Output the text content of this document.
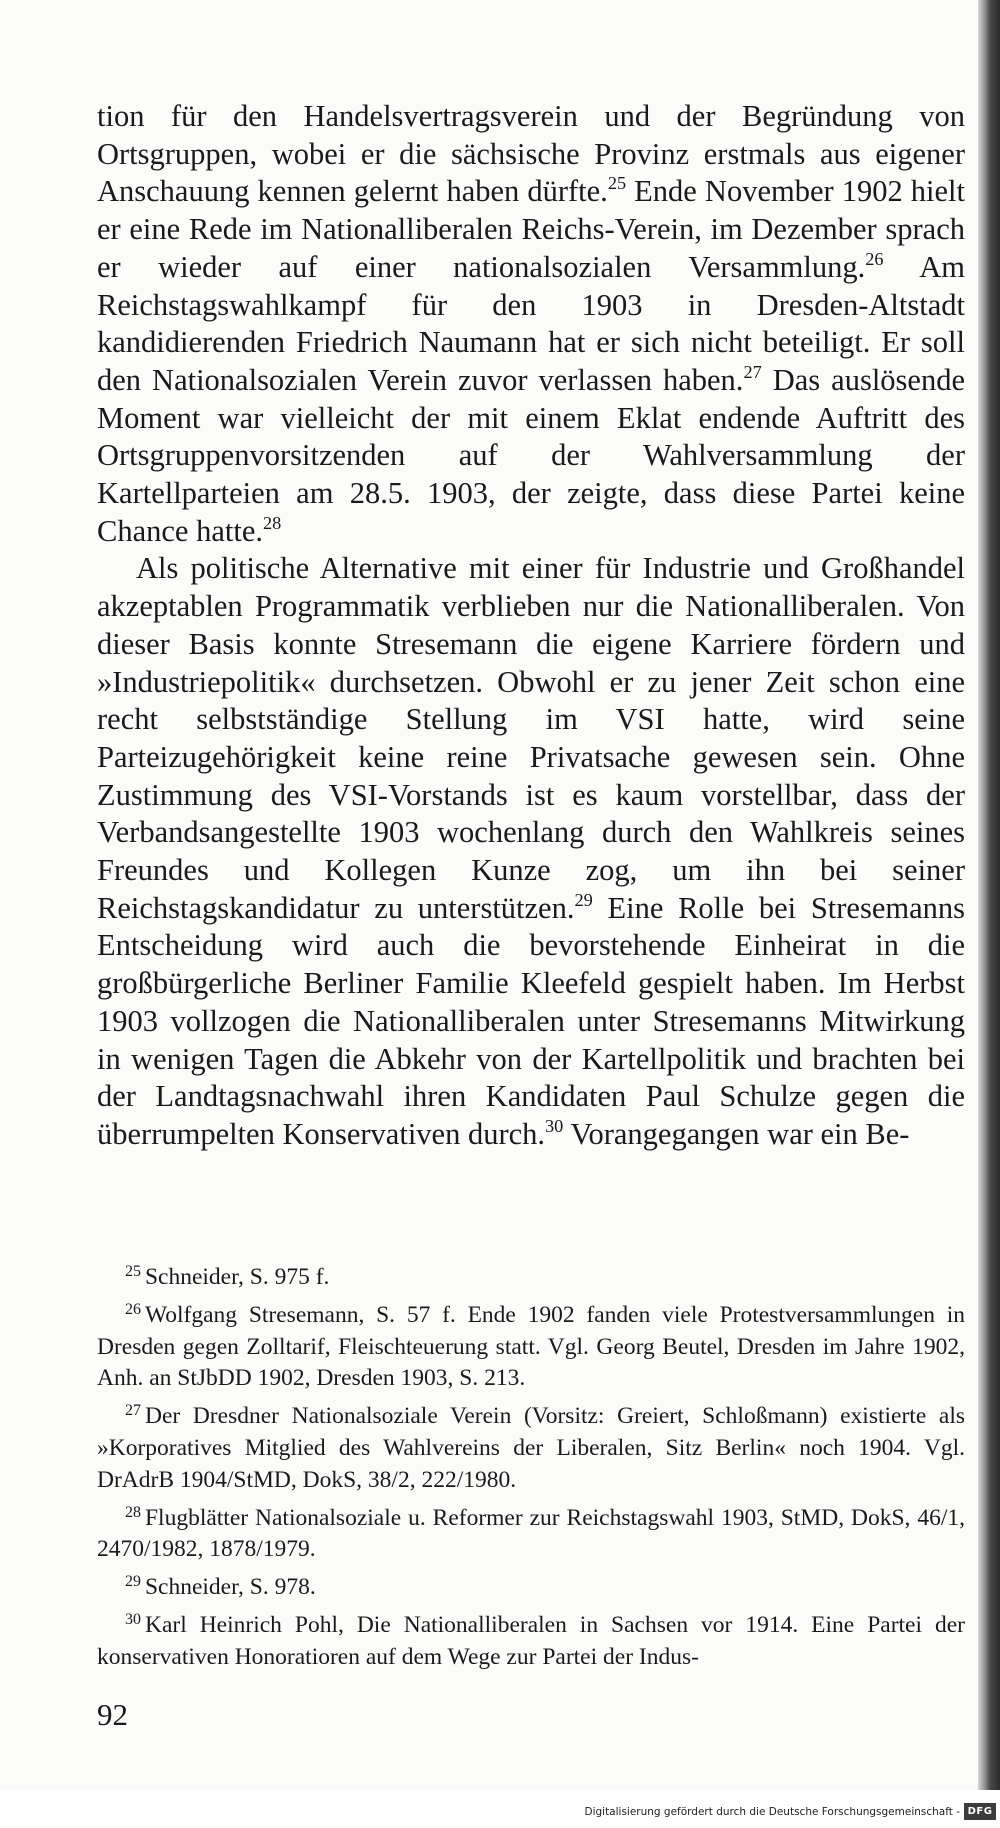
tion für den Handelsvertragsverein und der Begründung von Ortsgruppen, wobei er die sächsische Provinz erstmals aus eigener Anschauung kennen gelernt haben dürfte.$^{25}$ Ende November 1902 hielt er eine Rede im Nationalliberalen Reichs-Verein, im Dezember sprach er wieder auf einer nationalsozialen Versammlung.$^{26}$ Am Reichstagswahlkampf für den 1903 in Dresden-Altstadt kandidierenden Friedrich Naumann hat er sich nicht beteiligt. Er soll den Nationalsozialen Verein zuvor verlassen haben.$^{27}$ Das auslösende Moment war vielleicht der mit einem Eklat endende Auftritt des Ortsgruppenvorsitzenden auf der Wahlversammlung der Kartellparteien am 28.5. 1903, der zeigte, dass diese Partei keine Chance hatte.$^{28}$

Als politische Alternative mit einer für Industrie und Großhandel akzeptablen Programmatik verblieben nur die Nationalliberalen. Von dieser Basis konnte Stresemann die eigene Karriere fördern und »Industriepolitik« durchsetzen. Obwohl er zu jener Zeit schon eine recht selbstständige Stellung im VSI hatte, wird seine Parteizugehörigkeit keine reine Privatsache gewesen sein. Ohne Zustimmung des VSI-Vorstands ist es kaum vorstellbar, dass der Verbandsangestellte 1903 wochenlang durch den Wahlkreis seines Freundes und Kollegen Kunze zog, um ihn bei seiner Reichstagskandidatur zu unterstützen.$^{29}$ Eine Rolle bei Stresemanns Entscheidung wird auch die bevorstehende Einheirat in die großbürgerliche Berliner Familie Kleefeld gespielt haben. Im Herbst 1903 vollzogen die Nationalliberalen unter Stresemanns Mitwirkung in wenigen Tagen die Abkehr von der Kartellpolitik und brachten bei der Landtagsnachwahl ihren Kandidaten Paul Schulze gegen die überrumpelten Konservativen durch.$^{30}$ Vorangegangen war ein Be-

$^{25}$ Schneider, S. 975 f.

$^{26}$ Wolfgang Stresemann, S. 57 f. Ende 1902 fanden viele Protestversammlungen in Dresden gegen Zolltarif, Fleischteuerung statt. Vgl. Georg Beutel, Dresden im Jahre 1902, Anh. an StJbDD 1902, Dresden 1903, S. 213.

$^{27}$ Der Dresdner Nationalsoziale Verein (Vorsitz: Greiert, Schloßmann) existierte als »Korporatives Mitglied des Wahlvereins der Liberalen, Sitz Berlin« noch 1904. Vgl. DrAdrB 1904/StMD, DokS, 38/2, 222/1980.

$^{28}$ Flugblätter Nationalsoziale u. Reformer zur Reichstagswahl 1903, StMD, DokS, 46/1, 2470/1982, 1878/1979.

$^{29}$ Schneider, S. 978.

$^{30}$ Karl Heinrich Pohl, Die Nationalliberalen in Sachsen vor 1914. Eine Partei der konservativen Honoratioren auf dem Wege zur Partei der Indus-

92
Digitalisierung gefördert durch die Deutsche Forschungsgemeinschaft - DFG
